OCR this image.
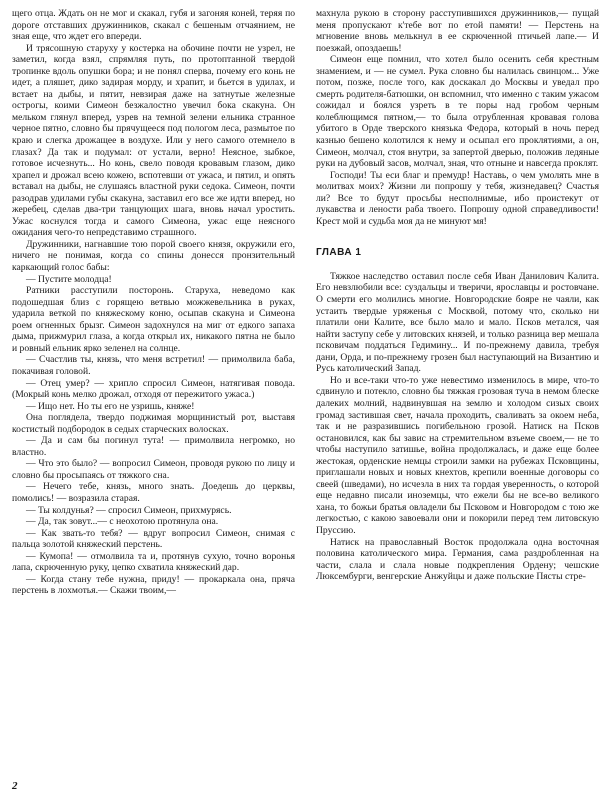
щего отца. Ждать он не мог и скакал, губя и загоняя коней, теряя по дороге отставших дружинников, скакал с бешеным отчаянием, не зная еще, что ждет его впереди.

И трясошную старуху у костерка на обочине почти не узрел, не заметил, когда взял, спрямляя путь, по протоптанной твердой тропинке вдоль опушки бора; и не понял сперва, почему его конь не идет, а пляшет, дико задирая морду, и храпит, и бьется в удилах, и встает на дыбы, и пятит, невзирая даже на затнутые железные острогы, коими Симеон безжалостно увечил бока скакуна. Он мельком глянул вперед, узрев на темной зелени ельника странное черное пятно, словно бы прячущееся под пологом леса, размытое по краю и слегка дрожащее в воздухе. Или у него самого отемнело в глазах? Да так и подумал: от устали, верно! Неясное, зыбкое, готовое исчезнуть... Но конь, свело поводя кровавым глазом, дико храпел и дрожал всею кожею, вспотевши от ужаса, и пятил, и опять вставал на дыбы, не слушаясь властной руки седока. Симеон, почти разодрав удилами губы скакуна, заставил его все же идти вперед, но жеребец, сделав два-три танцующих шага, вновь начал уростить. Ужас коснулся тогда и самого Симеона, ужас еще неясного ожидания чего-то непредставимо страшного.

Дружинники, нагнавшие тою порой своего князя, окружили его, ничего не понимая, когда со спины донесся пронзительный каркающий голос бабы:

— Пустите молодца!

Ратники расступили посторонь. Старуха, неведомо как подошедшая близ с горящею ветвью можжевельника в руках, ударила веткой по княжескому коню, осыпав скакуна и Симеона роем огненных брызг. Симеон задохнулся на миг от едкого запаха дыма, прижмурил глаза, а когда открыл их, никакого пятна не было и ровный ельник ярко зеленел на солнце.

— Счастлив ты, князь, что меня встретил! — примолвила баба, покачивая головой.

— Отец умер? — хрипло спросил Симеон, натягивая повода. (Мокрый конь мелко дрожал, отходя от пережитого ужаса.)

— Ищо нет. Но ты его не узришь, княже!

Она поглядела, твердо поджимая морщинистый рот, выставя костистый подбородок в седых старческих волосках.

— Да и сам бы погинул тута! — примолвила негромко, но властно.

— Что это было? — вопросил Симеон, проводя рукою по лицу и словно бы просыпаясь от тяжкого сна.

— Нечего тебе, князь, много знать. Доедешь до церквы, помолись! — возразила старая.

— Ты колдунья? — спросил Симеон, прихмурясь.

— Да, так зовут...— с неохотою протянула она.

— Как звать-то тебя? — вдруг вопросил Симеон, снимая с пальца золотой княжеский перстень.

— Кумопа! — отмолвила та и, протянув сухую, точно воронья лапа, скрюченную руку, цепко схватила княжеский дар.

— Когда стану тебе нужна, приду! — прокаркала она, пряча перстень в лохмотья.— Скажи твоим,—

махнула рукою в сторону расступившихся дружинников,— пущай меня пропускают к'тебе вот по етой памяти! — Перстень на мгновение вновь мелькнул в ее скрюченной птичьей лапе.— И поезжай, опоздаешь!

Симеон еще помнил, что хотел было осенить себя крестным знамением, и — не сумел. Рука словно бы налилась свинцом... Уже потом, позже, после того, как доскакал до Москвы и уведал про смерть родителя-батюшки, он вспомнил, что именно с таким ужасом сожидал и боялся узреть в те поры над гробом черным колеблющимся пятном,— то была отрубленная кровавая голова убитого в Орде тверского князька Федора, который в ночь перед казнью бешено колотился к нему и осыпал его проклятиями, а он, Симеон, молчал, стоя внутри, за запертой дверью, положив ледяные руки на дубовый засов, молчал, зная, что отныне и навсегда проклят.

Господи! Ты еси благ и премудр! Наставь, о чем умолять мне в молитвах моих? Жизни ли попрошу у тебя, жизнедавец? Счастья ли? Все то будут просьбы несполнимые, ибо проистекут от лукавства и лености раба твоего. Попрошу одной справедливости! Крест мой и судьба моя да не минуют мя!

ГЛАВА 1

Тяжкое наследство оставил после себя Иван Данилович Калита. Его невзлюбили все: суздальцы и тверичи, ярославцы и ростовчане. О смерти его молились многие. Новгородские бояре не чаяли, как устаить твердые уряженья с Москвой, потому что, сколько ни платили они Калите, все было мало и мало. Псков метался, чая найти заступу себе у литовских князей, и только разница вер мешала псковичам поддаться Гедимину... И по-прежнему давила, требуя дани, Орда, и по-прежнему грозен был наступающий на Византию и Русь католический Запад.

Но и все-таки что-то уже невестимо изменилось в мире, что-то сдвинуло и потекло, словно бы тяжкая грозовая туча в немом блеске далеких молний, надвинувшая на землю и холодом сизых своих громад застившая свет, начала проходить, сваливать за окоем неба, так и не разразившись погибельною грозой. Натиск на Псков остановился, как бы завис на стремительном взъеме своем,— не то чтобы наступило затишье, война продолжалась, и даже еще более жестокая, орденские немцы строили замки на рубежах Псковщины, приглашали новых и новых кнехтов, крепили военные договоры со свеей (шведами), но исчезла в них та гордая уверенность, о которой еще недавно писали иноземцы, что ежели бы не все-во великого хана, то божьи братья овладели бы Псковом и Новгородом с тою же легкостью, с какою завоевали они и покорили перед тем литовскую Пруссию.

Натиск на православный Восток продолжала одна восточная половина католического мира. Германия, сама раздробленная на части, слала и слала новые подкрепления Ордену; чешские Люксембурги, венгерские Анжуйцы и даже польские Пясты стре-

2
